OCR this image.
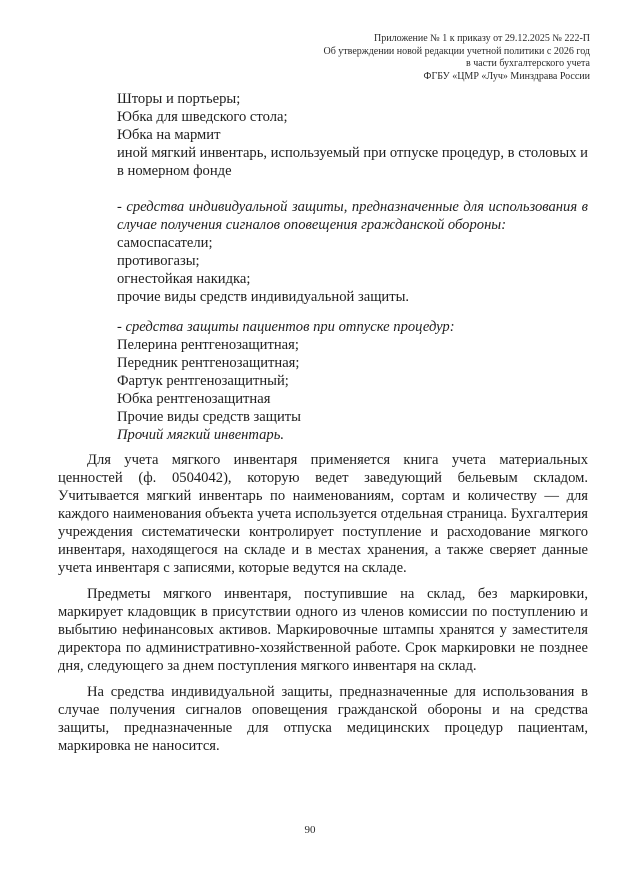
Приложение № 1 к приказу от 29.12.2025 № 222-П
Об утверждении новой редакции учетной политики с 2026 год
в части бухгалтерского учета
ФГБУ «ЦМР «Луч» Минздрава России
Шторы и портьеры;
Юбка для шведского стола;
Юбка на мармит
иной мягкий инвентарь, используемый при отпуске процедур, в столовых и в номерном фонде
- средства индивидуальной защиты, предназначенные для использования в случае получения сигналов оповещения гражданской обороны:
самоспасатели;
противогазы;
огнестойкая накидка;
прочие виды средств индивидуальной защиты.
- средства защиты пациентов при отпуске процедур:
Пелерина рентгенозащитная;
Передник рентгенозащитная;
Фартук рентгенозащитный;
Юбка рентгенозащитная
Прочие виды средств защиты
Прочий мягкий инвентарь.

Для учета мягкого инвентаря применяется книга учета материальных ценностей (ф. 0504042), которую ведет заведующий бельевым складом. Учитывается мягкий инвентарь по наименованиям, сортам и количеству — для каждого наименования объекта учета используется отдельная страница. Бухгалтерия учреждения систематически контролирует поступление и расходование мягкого инвентаря, находящегося на складе и в местах хранения, а также сверяет данные учета инвентаря с записями, которые ведутся на складе.

Предметы мягкого инвентаря, поступившие на склад, без маркировки, маркирует кладовщик в присутствии одного из членов комиссии по поступлению и выбытию нефинансовых активов. Маркировочные штампы хранятся у заместителя директора по административно-хозяйственной работе. Срок маркировки не позднее дня, следующего за днем поступления мягкого инвентаря на склад.

На средства индивидуальной защиты, предназначенные для использования в случае получения сигналов оповещения гражданской обороны и на средства защиты, предназначенные для отпуска медицинских процедур пациентам, маркировка не наносится.

90
